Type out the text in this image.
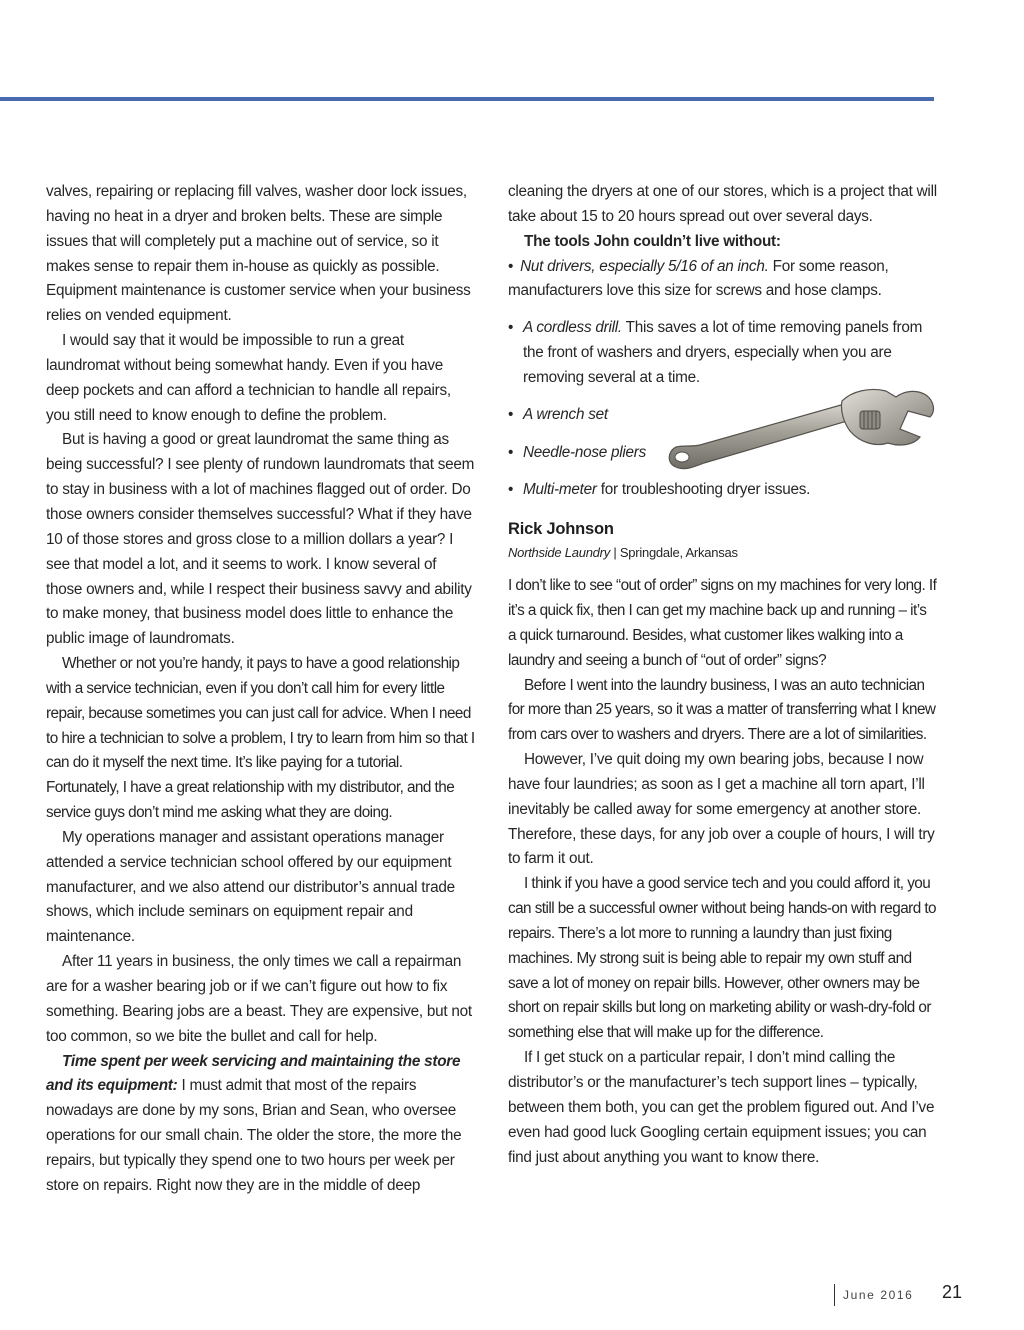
valves, repairing or replacing fill valves, washer door lock issues, having no heat in a dryer and broken belts. These are simple issues that will completely put a machine out of service, so it makes sense to repair them in-house as quickly as possible. Equipment maintenance is customer service when your business relies on vended equipment.

I would say that it would be impossible to run a great laundromat without being somewhat handy. Even if you have deep pockets and can afford a technician to handle all repairs, you still need to know enough to define the problem.

But is having a good or great laundromat the same thing as being successful? I see plenty of rundown laundromats that seem to stay in business with a lot of machines flagged out of order. Do those owners consider themselves successful? What if they have 10 of those stores and gross close to a million dollars a year? I see that model a lot, and it seems to work. I know several of those owners and, while I respect their business savvy and ability to make money, that business model does little to enhance the public image of laundromats.

Whether or not you’re handy, it pays to have a good relationship with a service technician, even if you don’t call him for every little repair, because sometimes you can just call for advice. When I need to hire a technician to solve a problem, I try to learn from him so that I can do it myself the next time. It’s like paying for a tutorial. Fortunately, I have a great relationship with my distributor, and the service guys don’t mind me asking what they are doing.

My operations manager and assistant operations manager attended a service technician school offered by our equipment manufacturer, and we also attend our distributor’s annual trade shows, which include seminars on equipment repair and maintenance.

After 11 years in business, the only times we call a repairman are for a washer bearing job or if we can’t figure out how to fix something. Bearing jobs are a beast. They are expensive, but not too common, so we bite the bullet and call for help.

Time spent per week servicing and maintaining the store and its equipment: I must admit that most of the repairs nowadays are done by my sons, Brian and Sean, who oversee operations for our small chain. The older the store, the more the repairs, but typically they spend one to two hours per week per store on repairs. Right now they are in the middle of deep

cleaning the dryers at one of our stores, which is a project that will take about 15 to 20 hours spread out over several days.

The tools John couldn’t live without:

• Nut drivers, especially 5/16 of an inch. For some reason, manufacturers love this size for screws and hose clamps.
• A cordless drill. This saves a lot of time removing panels from the front of washers and dryers, especially when you are removing several at a time.
• A wrench set
• Needle-nose pliers
• Multi-meter for troubleshooting dryer issues.

Rick Johnson

Northside Laundry | Springdale, Arkansas

I don’t like to see “out of order” signs on my machines for very long. If it’s a quick fix, then I can get my machine back up and running – it’s a quick turnaround. Besides, what customer likes walking into a laundry and seeing a bunch of “out of order” signs?

Before I went into the laundry business, I was an auto technician for more than 25 years, so it was a matter of transferring what I knew from cars over to washers and dryers. There are a lot of similarities.

However, I’ve quit doing my own bearing jobs, because I now have four laundries; as soon as I get a machine all torn apart, I’ll inevitably be called away for some emergency at another store. Therefore, these days, for any job over a couple of hours, I will try to farm it out.

I think if you have a good service tech and you could afford it, you can still be a successful owner without being hands-on with regard to repairs. There’s a lot more to running a laundry than just fixing machines. My strong suit is being able to repair my own stuff and save a lot of money on repair bills. However, other owners may be short on repair skills but long on marketing ability or wash-dry-fold or something else that will make up for the difference.

If I get stuck on a particular repair, I don’t mind calling the distributor’s or the manufacturer’s tech support lines – typically, between them both, you can get the problem figured out. And I’ve even had good luck Googling certain equipment issues; you can find just about anything you want to know there.

June 2016 21
